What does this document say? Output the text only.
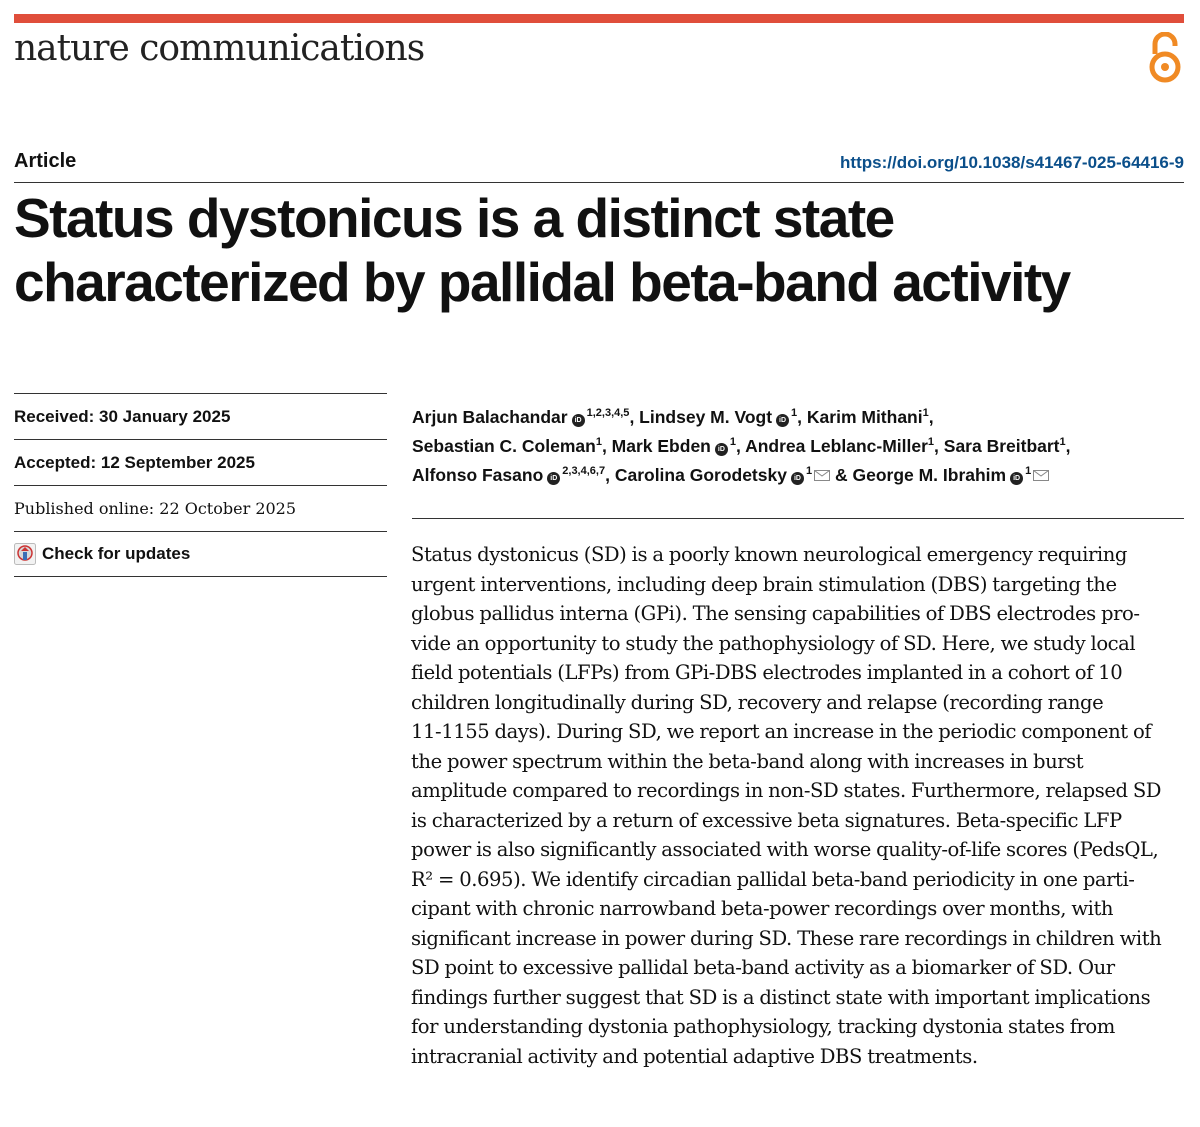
nature communications
Article	https://doi.org/10.1038/s41467-025-64416-9
Status dystonicus is a distinct state
characterized by pallidal beta-band activity
Received: 30 January 2025
Accepted: 12 September 2025
Published online: 22 October 2025
Check for updates
Arjun Balachandar iD$^{1,2,3,4,5}$, Lindsey M. Vogt $iD^1$, Karim Mithani$^1$,
Sebastian C. Coleman$^1$, Mark Ebden $iD^1$, Andrea Leblanc-Miller$^1$, Sara Breitbart$^1$,
Alfonso Fasano iD$^{2,3,4,6,7}$, Carolina Gorodetsky $iD^1$ & George M. Ibrahim $iD^1$

Status dystonicus (SD) is a poorly known neurological emergency requiring
urgent interventions, including deep brain stimulation (DBS) targeting the
globus pallidus interna (GPi). The sensing capabilities of DBS electrodes pro-
vide an opportunity to study the pathophysiology of SD. Here, we study local
field potentials (LFPs) from GPi-DBS electrodes implanted in a cohort of 10
children longitudinally during SD, recovery and relapse (recording range
11-1155 days). During SD, we report an increase in the periodic component of
the power spectrum within the beta-band along with increases in burst
amplitude compared to recordings in non-SD states. Furthermore, relapsed SD
is characterized by a return of excessive beta signatures. Beta-specific LFP
power is also significantly associated with worse quality-of-life scores (PedsQL,
R² = 0.695). We identify circadian pallidal beta-band periodicity in one parti-
cipant with chronic narrowband beta-power recordings over months, with
significant increase in power during SD. These rare recordings in children with
SD point to excessive pallidal beta-band activity as a biomarker of SD. Our
findings further suggest that SD is a distinct state with important implications
for understanding dystonia pathophysiology, tracking dystonia states from
intracranial activity and potential adaptive DBS treatments.
